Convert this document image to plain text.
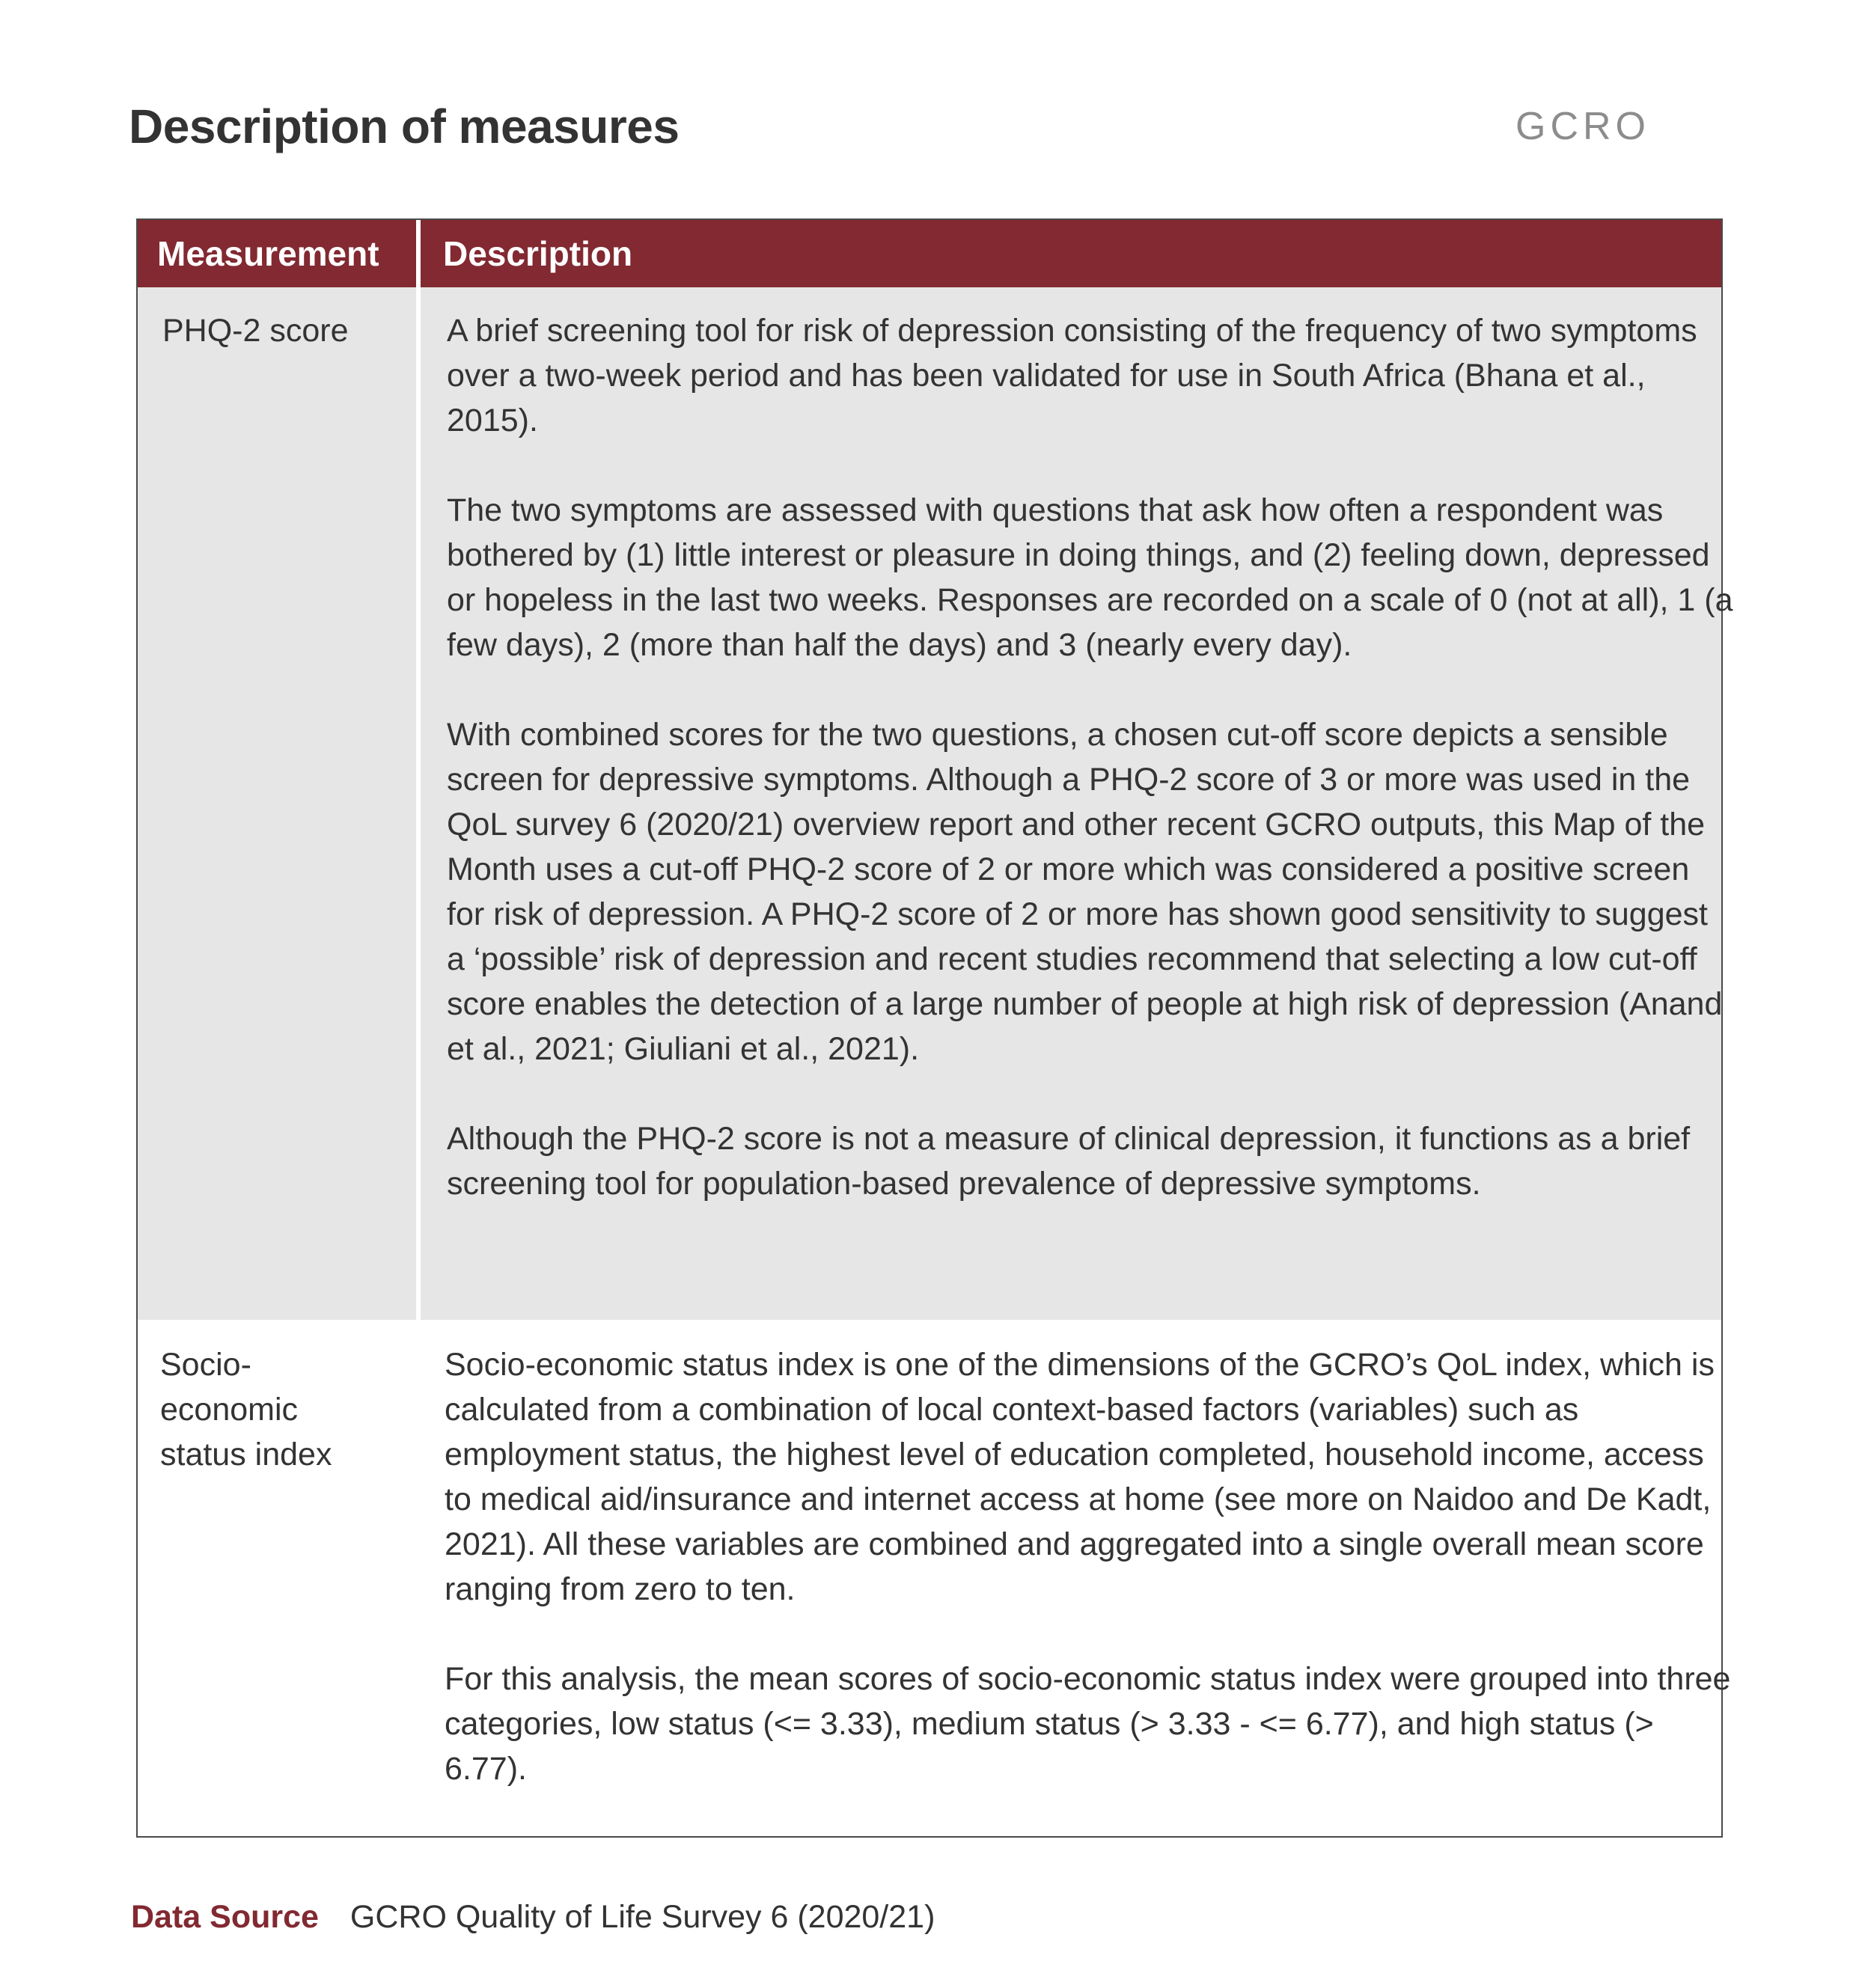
Description of measures	GCRO
Measurement Description
PHQ-2 score	A brief screening tool for risk of depression consisting of the frequency of two symptoms over a two-week period and has been validated for use in South Africa (Bhana et al., 2015).

The two symptoms are assessed with questions that ask how often a respondent was bothered by (1) little interest or pleasure in doing things, and (2) feeling down, depressed or hopeless in the last two weeks. Responses are recorded on a scale of 0 (not at all), 1 (a few days), 2 (more than half the days) and 3 (nearly every day).

With combined scores for the two questions, a chosen cut-off score depicts a sensible screen for depressive symptoms. Although a PHQ-2 score of 3 or more was used in the QoL survey 6 (2020/21) overview report and other recent GCRO outputs, this Map of the Month uses a cut-off PHQ-2 score of 2 or more which was considered a positive screen for risk of depression. A PHQ-2 score of 2 or more has shown good sensitivity to suggest a ‘possible’ risk of depression and recent studies recommend that selecting a low cut-off score enables the detection of a large number of people at high risk of depression (Anand et al., 2021; Giuliani et al., 2021).

Although the PHQ-2 score is not a measure of clinical depression, it functions as a brief screening tool for population-based prevalence of depressive symptoms.

Socio-economic status index

Socio-economic status index is one of the dimensions of the GCRO’s QoL index, which is calculated from a combination of local context-based factors (variables) such as employment status, the highest level of education completed, household income, access to medical aid/insurance and internet access at home (see more on Naidoo and De Kadt, 2021). All these variables are combined and aggregated into a single overall mean score ranging from zero to ten.

For this analysis, the mean scores of socio-economic status index were grouped into three categories, low status (<= 3.33), medium status (> 3.33 - <= 6.77), and high status (> 6.77).

Data Source GCRO Quality of Life Survey 6 (2020/21)
